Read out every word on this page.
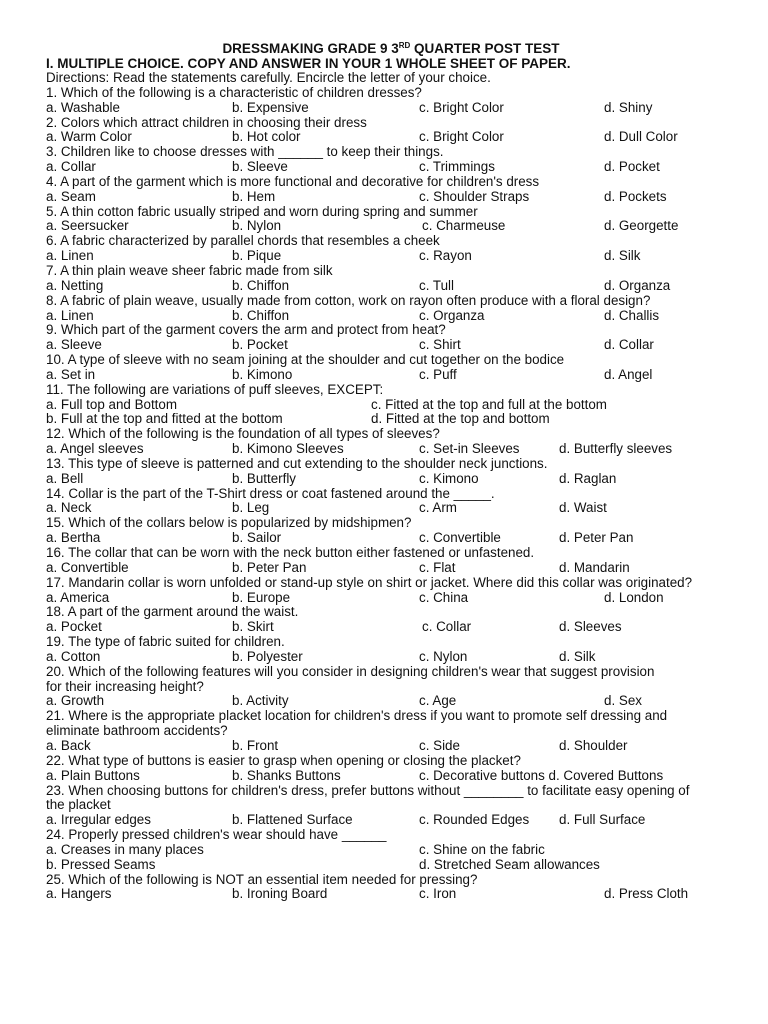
DRESSMAKING GRADE 9 3RD QUARTER POST TEST
I. MULTIPLE CHOICE. COPY AND ANSWER IN YOUR 1 WHOLE SHEET OF PAPER.
Directions: Read the statements carefully. Encircle the letter of your choice.
1. Which of the following is a characteristic of children dresses?
a. Washable	b. Expensive	c. Bright Color	d. Shiny
2. Colors which attract children in choosing their dress
a. Warm Color	b. Hot color	c. Bright Color	d. Dull Color
3. Children like to choose dresses with ______ to keep their things.
a. Collar	b. Sleeve	c. Trimmings	d. Pocket
4. A part of the garment which is more functional and decorative for children's dress
a. Seam	b. Hem	c. Shoulder Straps	d. Pockets
5. A thin cotton fabric usually striped and worn during spring and summer
a. Seersucker	b. Nylon	c. Charmeuse	d. Georgette
6. A fabric characterized by parallel chords that resembles a cheek
a. Linen	b. Pique	c. Rayon	d. Silk
7. A thin plain weave sheer fabric made from silk
a. Netting	b. Chiffon	c. Tull	d. Organza
8. A fabric of plain weave, usually made from cotton, work on rayon often produce with a floral design?
a. Linen	b. Chiffon	c. Organza	d. Challis
9. Which part of the garment covers the arm and protect from heat?
a. Sleeve	b. Pocket	c. Shirt	d. Collar
10. A type of sleeve with no seam joining at the shoulder and cut together on the bodice
a. Set in	b. Kimono	c. Puff	d. Angel
11. The following are variations of puff sleeves, EXCEPT:
a. Full top and Bottom	c. Fitted at the top and full at the bottom
b. Full at the top and fitted at the bottom	d. Fitted at the top and bottom
12. Which of the following is the foundation of all types of sleeves?
a. Angel sleeves	b. Kimono Sleeves	c. Set-in Sleeves	d. Butterfly sleeves
13. This type of sleeve is patterned and cut extending to the shoulder neck junctions.
a. Bell	b. Butterfly	c. Kimono	d. Raglan
14. Collar is the part of the T-Shirt dress or coat fastened around the _____.
a. Neck	b. Leg	c. Arm	d. Waist
15. Which of the collars below is popularized by midshipmen?
a. Bertha	b. Sailor	c. Convertible	d. Peter Pan
16. The collar that can be worn with the neck button either fastened or unfastened.
a. Convertible	b. Peter Pan	c. Flat	d. Mandarin
17. Mandarin collar is worn unfolded or stand-up style on shirt or jacket. Where did this collar was originated?
a. America	b. Europe	c. China	d. London
18. A part of the garment around the waist.
a. Pocket	b. Skirt	c. Collar	d. Sleeves
19. The type of fabric suited for children.
a. Cotton	b. Polyester	c. Nylon	d. Silk
20. Which of the following features will you consider in designing children's wear that suggest provision for their increasing height?
a. Growth	b. Activity	c. Age	d. Sex
21. Where is the appropriate placket location for children's dress if you want to promote self dressing and eliminate bathroom accidents?
a. Back	b. Front	c. Side	d. Shoulder
22. What type of buttons is easier to grasp when opening or closing the placket?
a. Plain Buttons	b. Shanks Buttons	c. Decorative buttons d. Covered Buttons
23. When choosing buttons for children's dress, prefer buttons without ________ to facilitate easy opening of the placket
a. Irregular edges	b. Flattened Surface	c. Rounded Edges d. Full Surface
24. Properly pressed children's wear should have ______
a. Creases in many places	c. Shine on the fabric
b. Pressed Seams	d. Stretched Seam allowances
25. Which of the following is NOT an essential item needed for pressing?
a. Hangers	b. Ironing Board	c. Iron	d. Press Cloth
